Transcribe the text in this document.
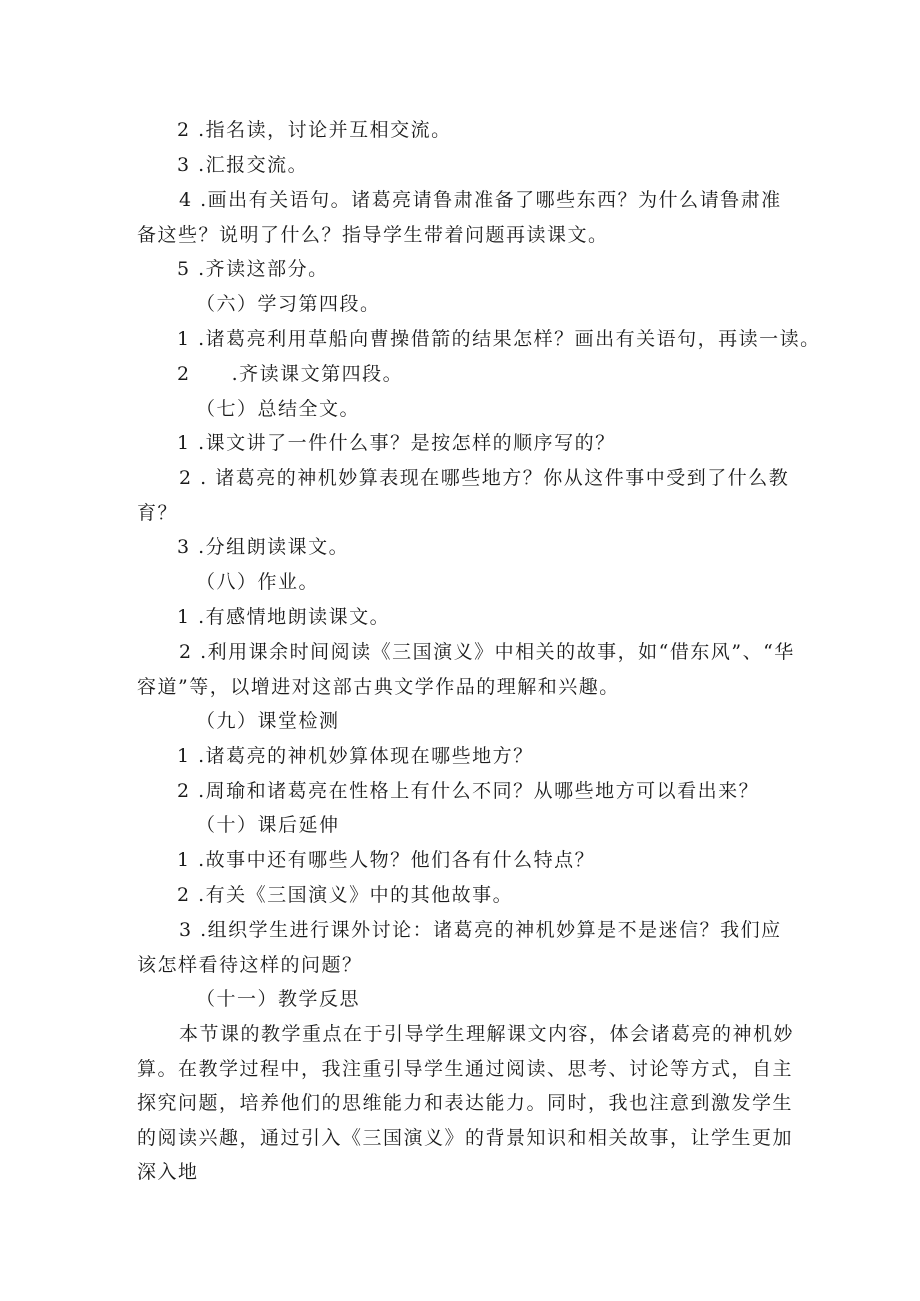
2 .指名读，讨论并互相交流。
3 .汇报交流。
4 .画出有关语句。诸葛亮请鲁肃准备了哪些东西？为什么请鲁肃准备这些？说明了什么？指导学生带着问题再读课文。
5 .齐读这部分。
（六）学习第四段。
1 .诸葛亮利用草船向曹操借箭的结果怎样？画出有关语句，再读一读。
2　　.齐读课文第四段。
（七）总结全文。
1 .课文讲了一件什么事？是按怎样的顺序写的？
2 . 诸葛亮的神机妙算表现在哪些地方？你从这件事中受到了什么教育？
3 .分组朗读课文。
（八）作业。
1 .有感情地朗读课文。
2 .利用课余时间阅读《三国演义》中相关的故事，如“借东风”、“华容道”等，以增进对这部古典文学作品的理解和兴趣。
（九）课堂检测
1 .诸葛亮的神机妙算体现在哪些地方？
2 .周瑜和诸葛亮在性格上有什么不同？从哪些地方可以看出来？
（十）课后延伸
1 .故事中还有哪些人物？他们各有什么特点？
2 .有关《三国演义》中的其他故事。
3 .组织学生进行课外讨论：诸葛亮的神机妙算是不是迷信？我们应该怎样看待这样的问题？
（十一）教学反思
本节课的教学重点在于引导学生理解课文内容，体会诸葛亮的神机妙算。在教学过程中，我注重引导学生通过阅读、思考、讨论等方式，自主探究问题，培养他们的思维能力和表达能力。同时，我也注意到激发学生的阅读兴趣，通过引入《三国演义》的背景知识和相关故事，让学生更加深入地
